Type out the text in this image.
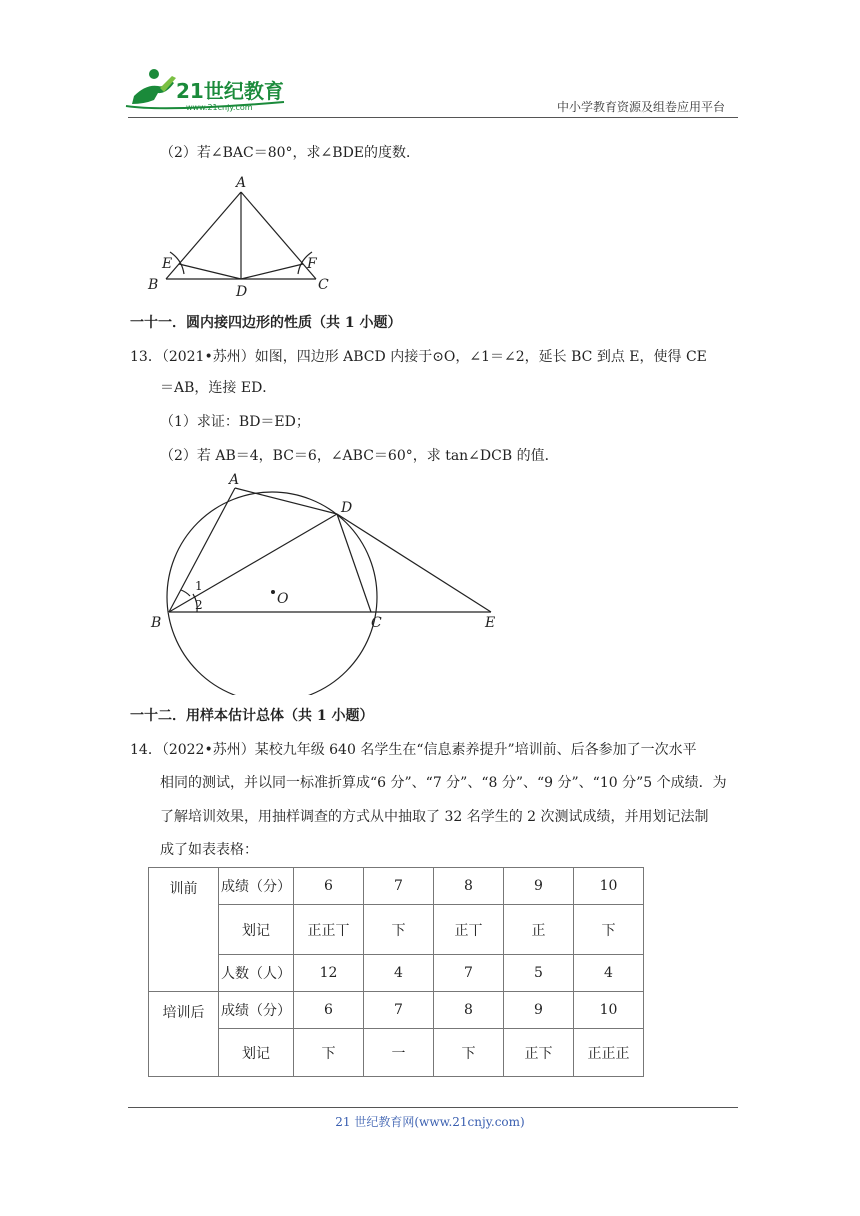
21世纪教育
www.21cnjy.com	中小学教育资源及组卷应用平台
（2）若∠BAC＝80°，求∠BDE的度数．
A
B	C
D
E	F
一十一．圆内接四边形的性质（共 1 小题）
13．（2021•苏州）如图，四边形 ABCD 内接于⊙O，∠1＝∠2，延长 BC 到点 E，使得 CE
＝AB，连接 ED．
（1）求证：BD＝ED；
（2）若 AB＝4，BC＝6，∠ABC＝60°，求 tan∠DCB 的值．
A
D
B	C	E
O
1
2
一十二．用样本估计总体（共 1 小题）
14．（2022•苏州）某校九年级 640 名学生在“信息素养提升”培训前、后各参加了一次水平
相同的测试，并以同一标准折算成“6 分”、“7 分”、“8 分”、“9 分”、“10 分”5 个成绩．为
了解培训效果，用抽样调查的方式从中抽取了 32 名学生的 2 次测试成绩，并用划记法制
成了如表表格：
训前	成绩（分）	6	7	8	9	10
	划记	正正丅	下	正丅	正	下
	人数（人）	12	4	7	5	4
培训后	成绩（分）	6	7	8	9	10
	划记	下	一	下	正下	正正正
21 世纪教育网(www.21cnjy.com)
